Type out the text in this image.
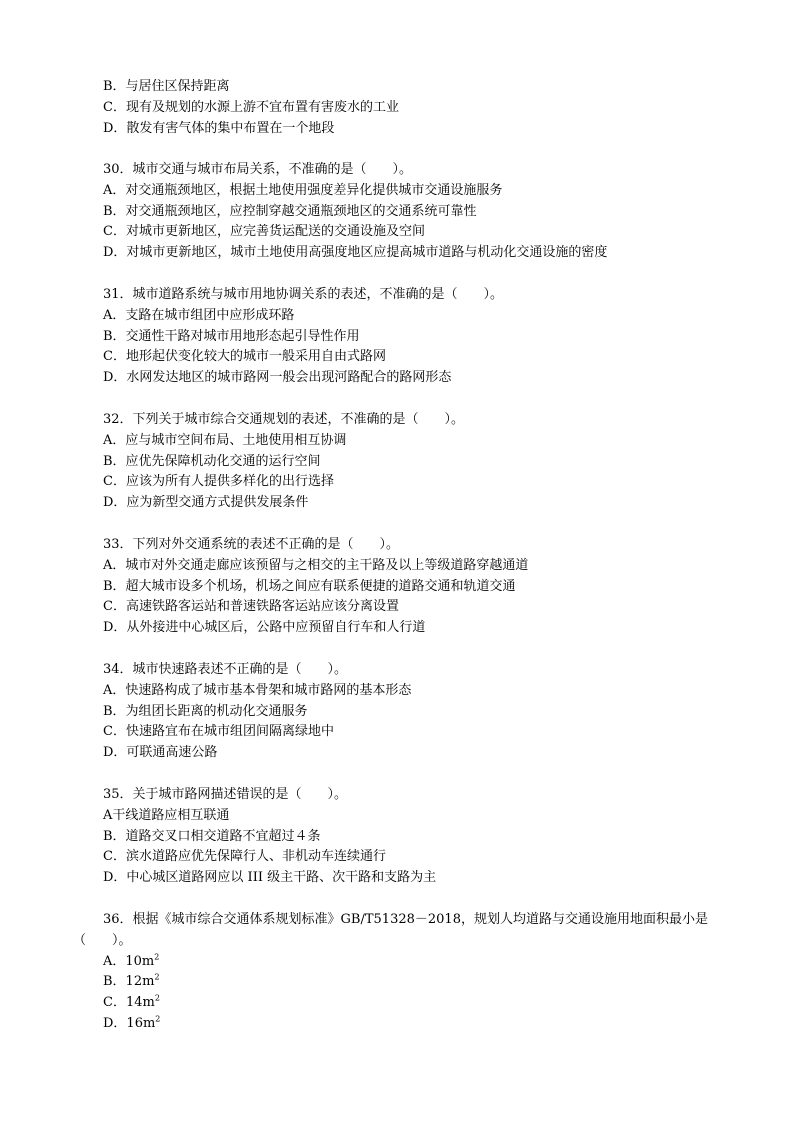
B．与居住区保持距离
C．现有及规划的水源上游不宜布置有害废水的工业
D．散发有害气体的集中布置在一个地段
30．城市交通与城市布局关系，不准确的是（　　）。
A．对交通瓶颈地区，根据土地使用强度差异化提供城市交通设施服务
B．对交通瓶颈地区，应控制穿越交通瓶颈地区的交通系统可靠性
C．对城市更新地区，应完善货运配送的交通设施及空间
D．对城市更新地区，城市土地使用高强度地区应提高城市道路与机动化交通设施的密度
31．城市道路系统与城市用地协调关系的表述，不准确的是（　　）。
A．支路在城市组团中应形成环路
B．交通性干路对城市用地形态起引导性作用
C．地形起伏变化较大的城市一般采用自由式路网
D．水网发达地区的城市路网一般会出现河路配合的路网形态
32．下列关于城市综合交通规划的表述，不准确的是（　　）。
A．应与城市空间布局、土地使用相互协调
B．应优先保障机动化交通的运行空间
C．应该为所有人提供多样化的出行选择
D．应为新型交通方式提供发展条件
33．下列对外交通系统的表述不正确的是（　　）。
A．城市对外交通走廊应该预留与之相交的主干路及以上等级道路穿越通道
B．超大城市设多个机场，机场之间应有联系便捷的道路交通和轨道交通
C．高速铁路客运站和普速铁路客运站应该分离设置
D．从外接进中心城区后，公路中应预留自行车和人行道
34．城市快速路表述不正确的是（　　）。
A．快速路构成了城市基本骨架和城市路网的基本形态
B．为组团长距离的机动化交通服务
C．快速路宜布在城市组团间隔离绿地中
D．可联通高速公路
35．关于城市路网描述错误的是（　　）。
A干线道路应相互联通
B．道路交叉口相交道路不宜超过４条
C．滨水道路应优先保障行人、非机动车连续通行
D．中心城区道路网应以 III 级主干路、次干路和支路为主
36．根据《城市综合交通体系规划标准》GB/T51328－2018，规划人均道路与交通设施用地面积最小是（　　）。
A．$10m^2$
B．$12m^2$
C．$14m^2$
D．$16m^2$
